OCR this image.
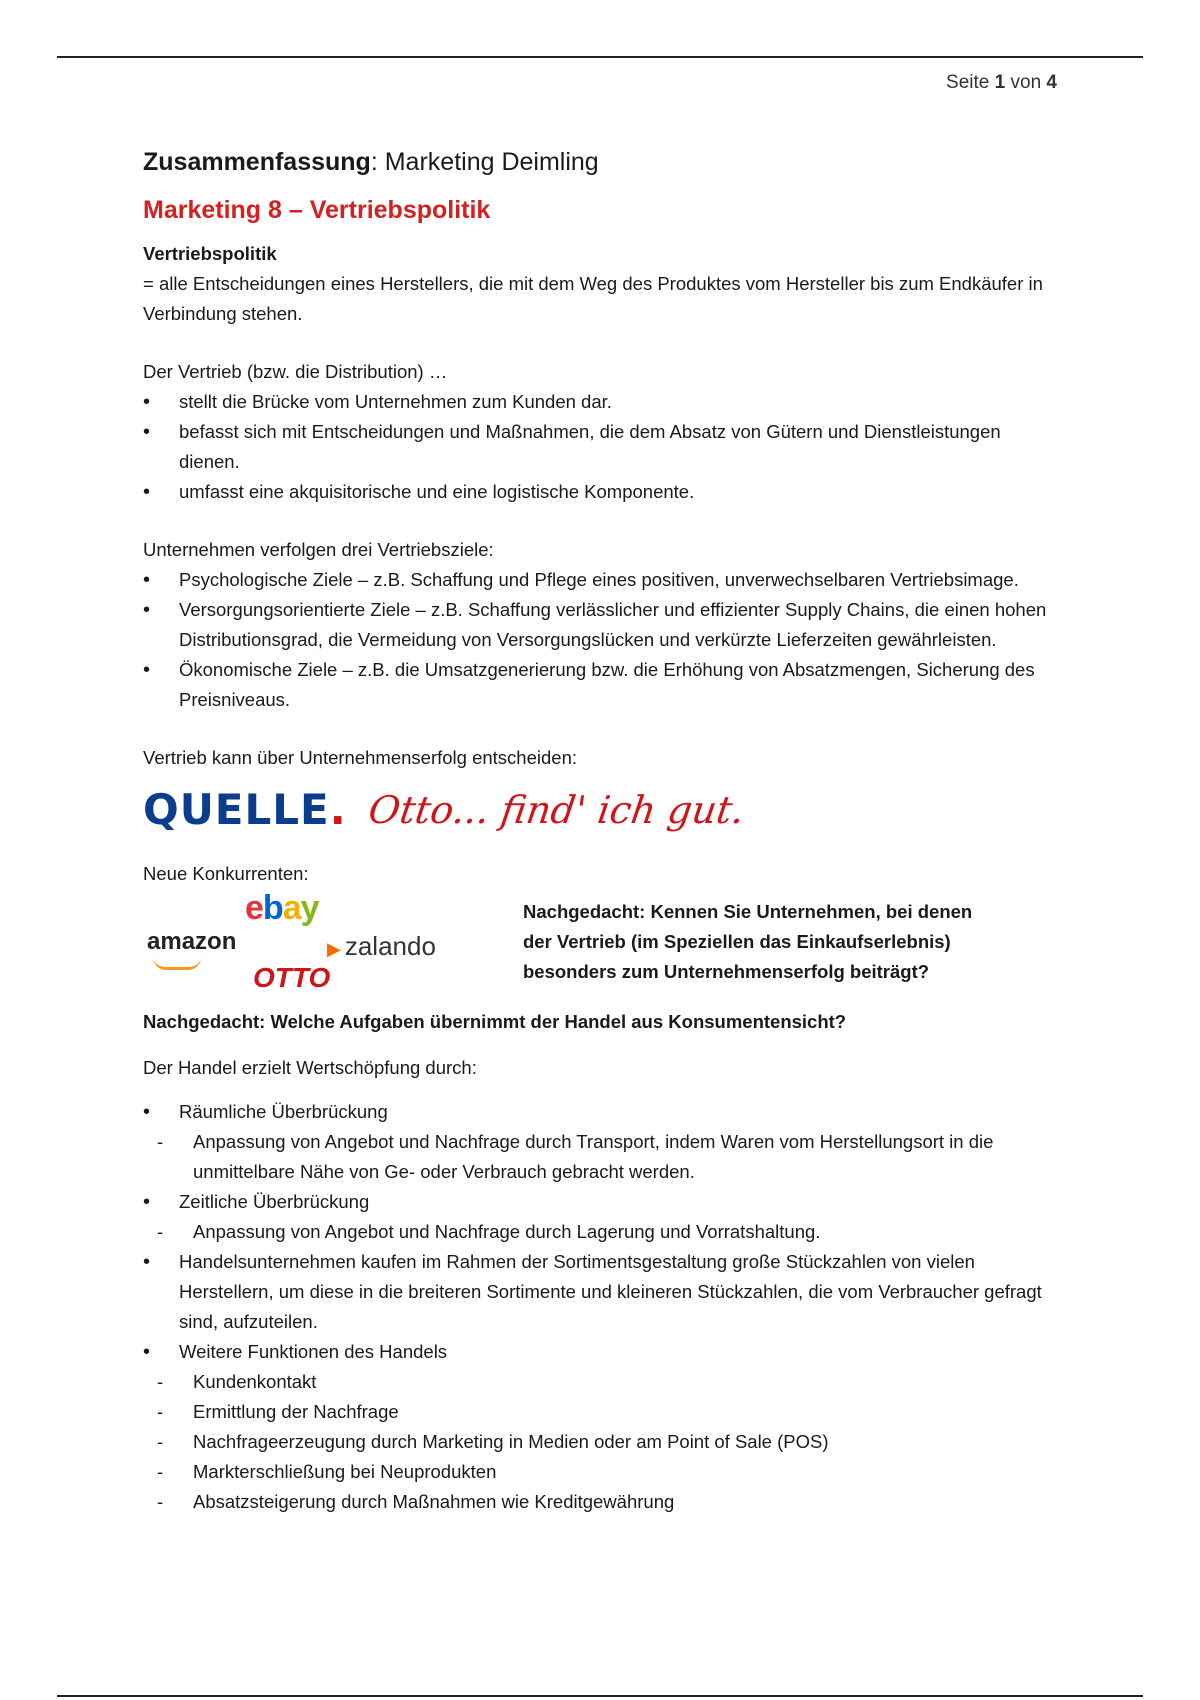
Seite 1 von 4
Zusammenfassung: Marketing Deimling
Marketing 8 – Vertriebspolitik
Vertriebspolitik

= alle Entscheidungen eines Herstellers, die mit dem Weg des Produktes vom Hersteller bis zum Endkäufer in Verbindung stehen.

Der Vertrieb (bzw. die Distribution) …

• stellt die Brücke vom Unternehmen zum Kunden dar.
• befasst sich mit Entscheidungen und Maßnahmen, die dem Absatz von Gütern und Dienstleistungen dienen.
• umfasst eine akquisitorische und eine logistische Komponente.

Unternehmen verfolgen drei Vertriebsziele:

• Psychologische Ziele – z.B. Schaffung und Pflege eines positiven, unverwechselbaren Vertriebsimage.
• Versorgungsorientierte Ziele – z.B. Schaffung verlässlicher und effizienter Supply Chains, die einen hohen Distributionsgrad, die Vermeidung von Versorgungslücken und verkürzte Lieferzeiten gewährleisten.
• Ökonomische Ziele – z.B. die Umsatzgenerierung bzw. die Erhöhung von Absatzmengen, Sicherung des Preisniveaus.

Vertrieb kann über Unternehmenserfolg entscheiden:

QUELLE. Otto... find' ich gut.

Neue Konkurrenten:

ebay
amazon	▶ zalando
OTTO
Nachgedacht: Kennen Sie Unternehmen, bei denen der Vertrieb (im Speziellen das Einkaufserlebnis) besonders zum Unternehmenserfolg beiträgt?

Nachgedacht: Welche Aufgaben übernimmt der Handel aus Konsumentensicht?

Der Handel erzielt Wertschöpfung durch:

• Räumliche Überbrückung
- Anpassung von Angebot und Nachfrage durch Transport, indem Waren vom Herstellungsort in die unmittelbare Nähe von Ge- oder Verbrauch gebracht werden.
• Zeitliche Überbrückung
- Anpassung von Angebot und Nachfrage durch Lagerung und Vorratshaltung.
• Handelsunternehmen kaufen im Rahmen der Sortimentsgestaltung große Stückzahlen von vielen Herstellern, um diese in die breiteren Sortimente und kleineren Stückzahlen, die vom Verbraucher gefragt sind, aufzuteilen.
• Weitere Funktionen des Handels
- Kundenkontakt
- Ermittlung der Nachfrage
- Nachfrageerzeugung durch Marketing in Medien oder am Point of Sale (POS)
- Markterschließung bei Neuprodukten
- Absatzsteigerung durch Maßnahmen wie Kreditgewährung
